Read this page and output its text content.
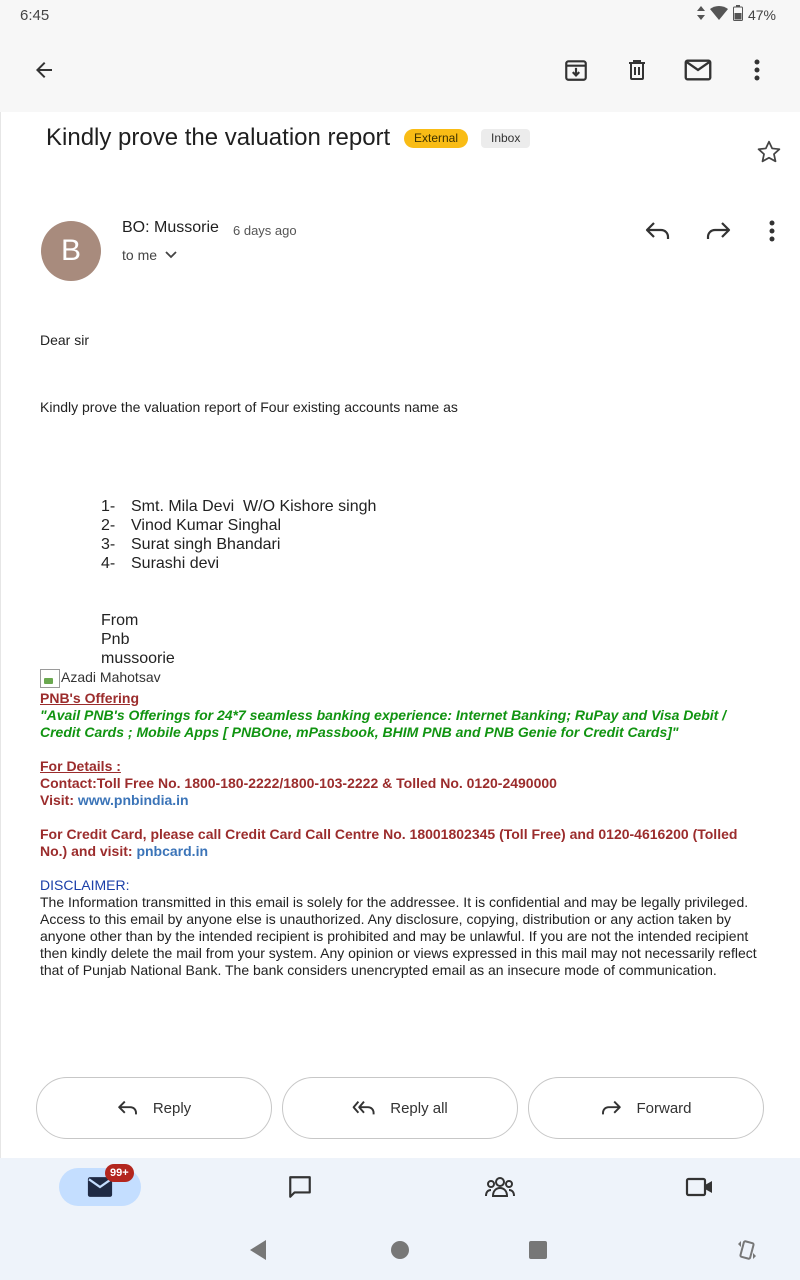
6:45	47%
Kindly prove the valuation report	External	Inbox
B
BO: Mussorie 6 days ago
to me
Dear sir
Kindly prove the valuation report of Four existing accounts name as
1- Smt. Mila Devi  W/O Kishore singh
2- Vinod Kumar Singhal
3- Surat singh Bhandari
4- Surashi devi
From
Pnb
mussoorie
Azadi Mahotsav
PNB's Offering
"Avail PNB's Offerings for 24*7 seamless banking experience: Internet Banking; RuPay and Visa Debit / Credit Cards ; Mobile Apps [ PNBOne, mPassbook, BHIM PNB and PNB Genie for Credit Cards]"
For Details :
Contact:Toll Free No. 1800-180-2222/1800-103-2222 & Tolled No. 0120-2490000
Visit: www.pnbindia.in
For Credit Card, please call Credit Card Call Centre No. 18001802345 (Toll Free) and 0120-4616200 (Tolled No.) and visit: pnbcard.in
DISCLAIMER:
The Information transmitted in this email is solely for the addressee. It is confidential and may be legally privileged. Access to this email by anyone else is unauthorized. Any disclosure, copying, distribution or any action taken by anyone other than by the intended recipient is prohibited and may be unlawful. If you are not the intended recipient then kindly delete the mail from your system. Any opinion or views expressed in this mail may not necessarily reflect that of Punjab National Bank. The bank considers unencrypted email as an insecure mode of communication.
Reply	Reply all	Forward
99+
